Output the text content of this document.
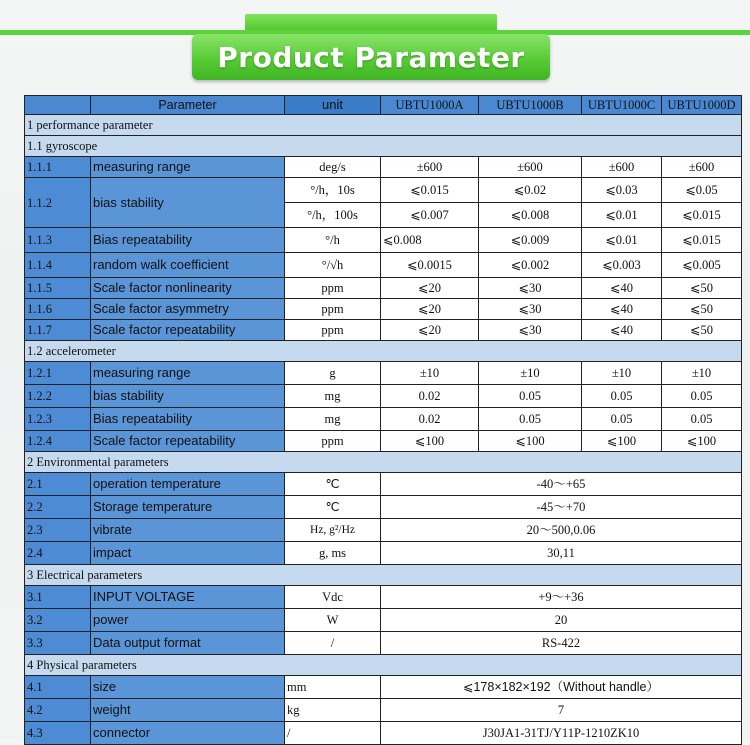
Product Parameter
	Parameter	unit	UBTU1000A	UBTU1000B	UBTU1000C	UBTU1000D
1 performance parameter						
1.1 gyroscope						
1.1.1	measuring range	deg/s	±600	±600	±600	±600
1.1.2	bias stability	°/h，10s	⩽0.015	⩽0.02	⩽0.03	⩽0.05
		°/h，100s	⩽0.007	⩽0.008	⩽0.01	⩽0.015
1.1.3	Bias repeatability	°/h	⩽0.008	⩽0.009	⩽0.01	⩽0.015
1.1.4	random walk coefficient	°/√h	⩽0.0015	⩽0.002	⩽0.003	⩽0.005
1.1.5	Scale factor nonlinearity	ppm	⩽20	⩽30	⩽40	⩽50
1.1.6	Scale factor asymmetry	ppm	⩽20	⩽30	⩽40	⩽50
1.1.7	Scale factor repeatability	ppm	⩽20	⩽30	⩽40	⩽50
1.2 accelerometer						
1.2.1	measuring range	g	±10	±10	±10	±10
1.2.2	bias stability	mg	0.02	0.05	0.05	0.05
1.2.3	Bias repeatability	mg	0.02	0.05	0.05	0.05
1.2.4	Scale factor repeatability	ppm	⩽100	⩽100	⩽100	⩽100
2 Environmental parameters						
2.1	operation temperature	℃	-40～+65			
2.2	Storage temperature	℃	-45～+70			
2.3	vibrate	Hz, g²/Hz	20～500,0.06			
2.4	impact	g, ms	30,11			
3 Electrical parameters						
3.1	INPUT VOLTAGE	Vdc	+9～+36			
3.2	power	W	20			
3.3	Data output format	/	RS-422			
4 Physical parameters						
4.1	size	mm	⩽178×182×192（Without handle）			
4.2	weight	kg	7			
4.3	connector	/	J30JA1-31TJ/Y11P-1210ZK10			
